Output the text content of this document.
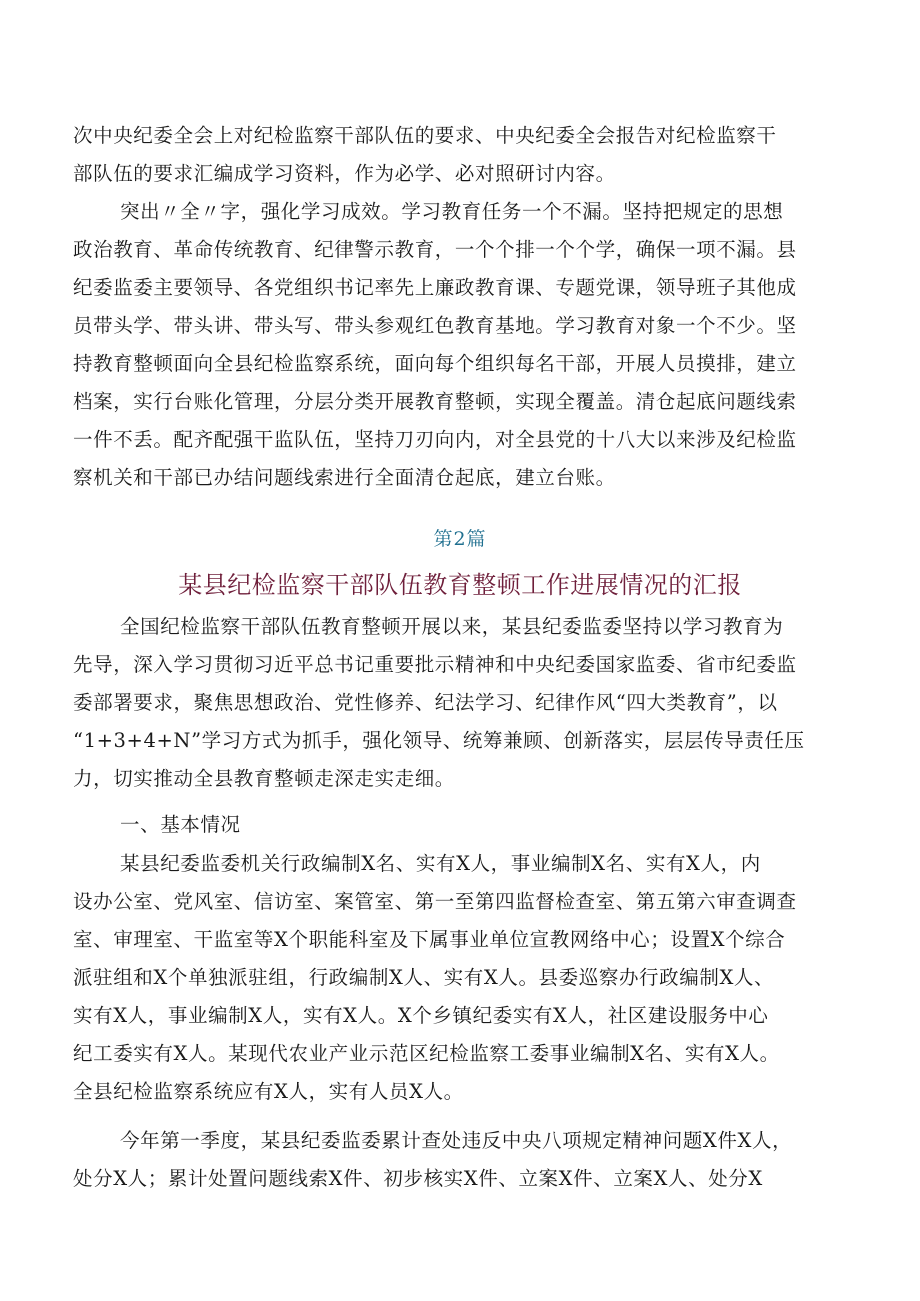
次中央纪委全会上对纪检监察干部队伍的要求、中央纪委全会报告对纪检监察干
部队伍的要求汇编成学习资料，作为必学、必对照研讨内容。
突出〃全〃字，强化学习成效。学习教育任务一个不漏。坚持把规定的思想
政治教育、革命传统教育、纪律警示教育，一个个排一个个学，确保一项不漏。县
纪委监委主要领导、各党组织书记率先上廉政教育课、专题党课，领导班子其他成
员带头学、带头讲、带头写、带头参观红色教育基地。学习教育对象一个不少。坚
持教育整顿面向全县纪检监察系统，面向每个组织每名干部，开展人员摸排，建立
档案，实行台账化管理，分层分类开展教育整顿，实现全覆盖。清仓起底问题线索
一件不丢。配齐配强干监队伍，坚持刀刃向内，对全县党的十八大以来涉及纪检监
察机关和干部已办结问题线索进行全面清仓起底，建立台账。
第2篇
某县纪检监察干部队伍教育整顿工作进展情况的汇报
全国纪检监察干部队伍教育整顿开展以来，某县纪委监委坚持以学习教育为
先导，深入学习贯彻习近平总书记重要批示精神和中央纪委国家监委、省市纪委监
委部署要求，聚焦思想政治、党性修养、纪法学习、纪律作风“四大类教育”，以
“1+3+4+N”学习方式为抓手，强化领导、统筹兼顾、创新落实，层层传导责任压
力，切实推动全县教育整顿走深走实走细。
一、基本情况
某县纪委监委机关行政编制X名、实有X人，事业编制X名、实有X人，内
设办公室、党风室、信访室、案管室、第一至第四监督检查室、第五第六审查调查
室、审理室、干监室等X个职能科室及下属事业单位宣教网络中心；设置X个综合
派驻组和X个单独派驻组，行政编制X人、实有X人。县委巡察办行政编制X人、
实有X人，事业编制X人，实有X人。X个乡镇纪委实有X人，社区建设服务中心
纪工委实有X人。某现代农业产业示范区纪检监察工委事业编制X名、实有X人。
全县纪检监察系统应有X人，实有人员X人。
今年第一季度，某县纪委监委累计查处违反中央八项规定精神问题X件X人，
处分X人；累计处置问题线索X件、初步核实X件、立案X件、立案X人、处分X
